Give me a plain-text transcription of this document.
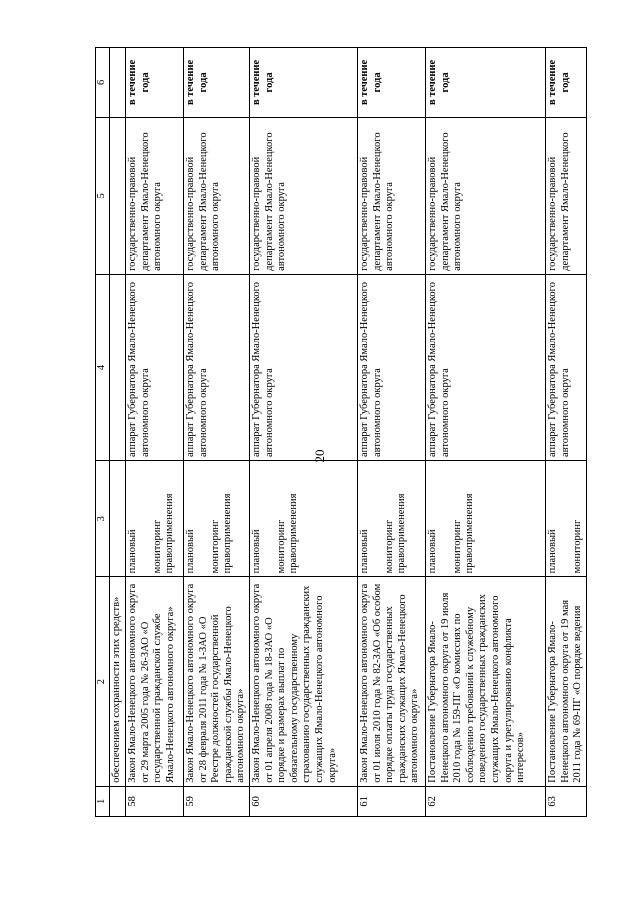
20
1	2	3	4	5	6
	обеспечением сохранности этих средств»				
58	Закон Ямало-Ненецкого автономного округа от 29 марта 2005 года № 26-ЗАО «О государственной гражданской службе Ямало-Ненецкого автономного округа»	плановый мониторинг правоприменения	аппарат Губернатора Ямало-Ненецкого автономного округа	государственно-правовой департамент Ямало-Ненецкого автономного округа	в течение года
59	Закон Ямало-Ненецкого автономного округа от 28 февраля 2011 года № 1-ЗАО «О Реестре должностей государственной гражданской службы Ямало-Ненецкого автономного округа»	плановый мониторинг правоприменения	аппарат Губернатора Ямало-Ненецкого автономного округа	государственно-правовой департамент Ямало-Ненецкого автономного округа	в течение года
60	Закон Ямало-Ненецкого автономного округа от 01 апреля 2008 года № 18-ЗАО «О порядке и размерах выплат по обязательному государственному страхованию государственных гражданских служащих Ямало-Ненецкого автономного округа»	плановый мониторинг правоприменения	аппарат Губернатора Ямало-Ненецкого автономного округа	государственно-правовой департамент Ямало-Ненецкого автономного округа	в течение года
61	Закон Ямало-Ненецкого автономного округа от 01 июля 2010 года № 82-ЗАО «Об особом порядке оплаты труда государственных гражданских служащих Ямало-Ненецкого автономного округа»	плановый мониторинг правоприменения	аппарат Губернатора Ямало-Ненецкого автономного округа	государственно-правовой департамент Ямало-Ненецкого автономного округа	в течение года
62	Постановление Губернатора Ямало-Ненецкого автономного округа от 19 июля 2010 года № 159-ПГ «О комиссиях по соблюдению требований к служебному поведению государственных гражданских служащих Ямало-Ненецкого автономного округа и урегулированию конфликта интересов»	плановый мониторинг правоприменения	аппарат Губернатора Ямало-Ненецкого автономного округа	государственно-правовой департамент Ямало-Ненецкого автономного округа	в течение года
63	Постановление Губернатора Ямало-Ненецкого автономного округа от 19 мая 2011 года № 69-ПГ «О порядке ведения	плановый мониторинг	аппарат Губернатора Ямало-Ненецкого автономного округа	государственно-правовой департамент Ямало-Ненецкого	в течение года
